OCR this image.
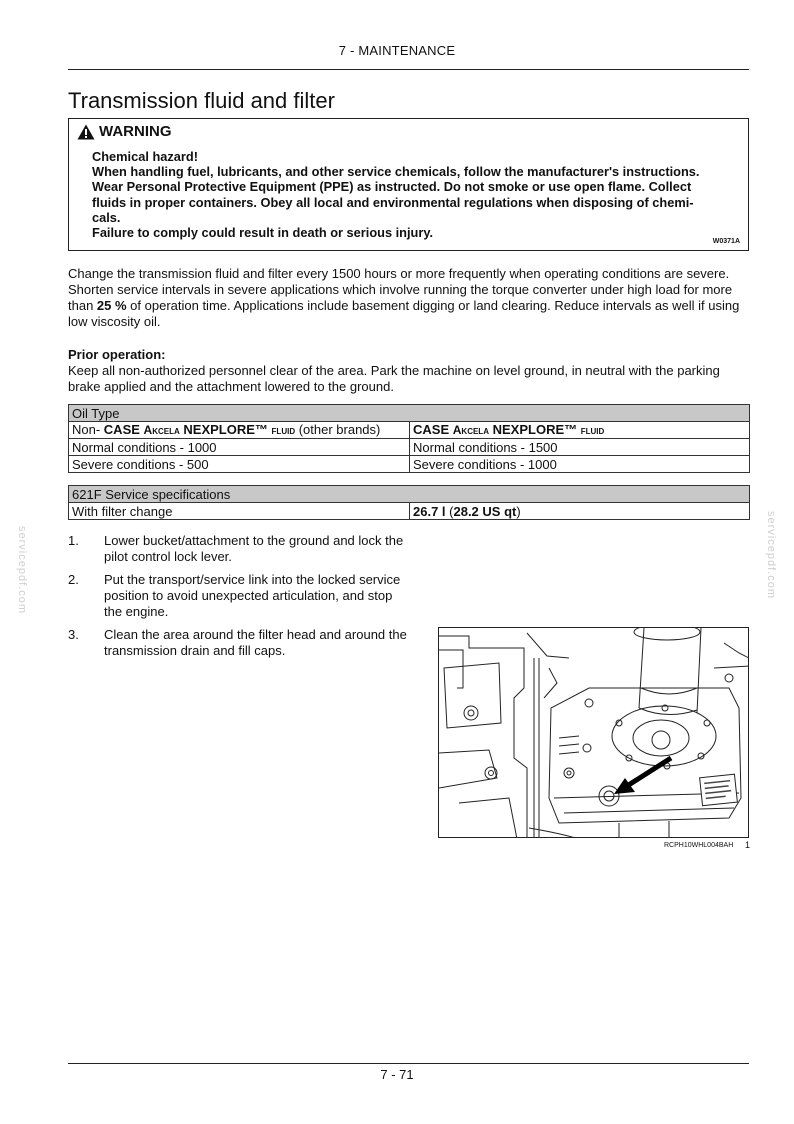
7 - MAINTENANCE
Transmission fluid and filter
WARNING
Chemical hazard!
When handling fuel, lubricants, and other service chemicals, follow the manufacturer's instructions.
Wear Personal Protective Equipment (PPE) as instructed. Do not smoke or use open flame. Collect
fluids in proper containers. Obey all local and environmental regulations when disposing of chemi-
cals.
Failure to comply could result in death or serious injury.
W0371A
Change the transmission fluid and filter every 1500 hours or more frequently when operating conditions are severe.
Shorten service intervals in severe applications which involve running the torque converter under high load for more
than 25 % of operation time. Applications include basement digging or land clearing. Reduce intervals as well if using
low viscosity oil.
Prior operation:
Keep all non-authorized personnel clear of the area. Park the machine on level ground, in neutral with the parking
brake applied and the attachment lowered to the ground.
Oil Type	
Non- CASE Akcela NEXPLORE™ fluid (other brands)	CASE Akcela NEXPLORE™ fluid
Normal conditions - 1000	Normal conditions - 1500
Severe conditions - 500	Severe conditions - 1000
621F Service specifications
With filter change	26.7 l (28.2 US qt)
1.	Lower bucket/attachment to the ground and lock the
pilot control lock lever.
2.	Put the transport/service link into the locked service
position to avoid unexpected articulation, and stop
the engine.
3.	Clean the area around the filter head and around the
transmission drain and fill caps.
RCPH10WHL004BAH 1
servicepdf.com	servicepdf.com
7 - 71
